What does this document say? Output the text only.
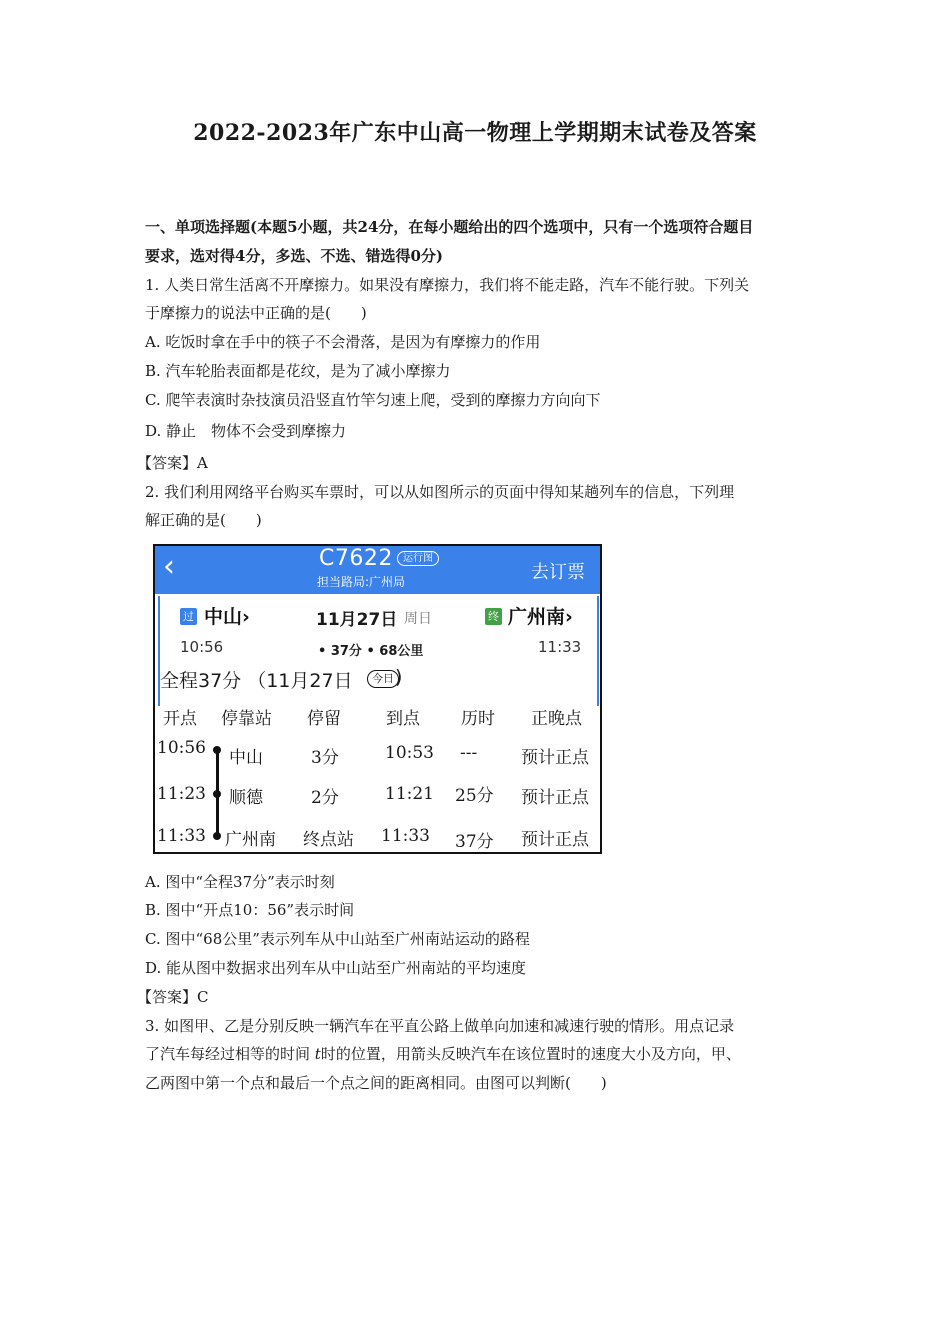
2022-2023年广东中山高一物理上学期期末试卷及答案
一、单项选择题(本题5小题，共24分，在每小题给出的四个选项中，只有一个选项符合题目
要求，选对得4分，多选、不选、错选得0分)
1. 人类日常生活离不开摩擦力。如果没有摩擦力，我们将不能走路，汽车不能行驶。下列关
于摩擦力的说法中正确的是(　　)
A. 吃饭时拿在手中的筷子不会滑落，是因为有摩擦力的作用
B. 汽车轮胎表面都是花纹，是为了减小摩擦力
C. 爬竿表演时杂技演员沿竖直竹竿匀速上爬，受到的摩擦力方向向下
D. 静止　物体不会受到摩擦力
【答案】A
2. 我们利用网络平台购买车票时，可以从如图所示的页面中得知某趟列车的信息，下列理
解正确的是(　　)
‹	C7622	运行图
担当路局:广州局	去订票
过 中山›	11月27日 周日	终 广州南›
10:56	• 37分 • 68公里	11:33
全程37分 （11月27日	今日 )
开点 停靠站 停留	到点 历时 正晚点
10:56 中山	3分	10:53 ---	预计正点
11:23 顺德	2分	11:21 25分 预计正点
11:33 广州南 终点站 11:33 37分 预计正点
A. 图中“全程37分”表示时刻
B. 图中“开点10：56”表示时间
C. 图中“68公里”表示列车从中山站至广州南站运动的路程
D. 能从图中数据求出列车从中山站至广州南站的平均速度
【答案】C
3. 如图甲、乙是分别反映一辆汽车在平直公路上做单向加速和减速行驶的情形。用点记录
了汽车每经过相等的时间 t时的位置，用箭头反映汽车在该位置时的速度大小及方向，甲、
乙两图中第一个点和最后一个点之间的距离相同。由图可以判断(　　)
